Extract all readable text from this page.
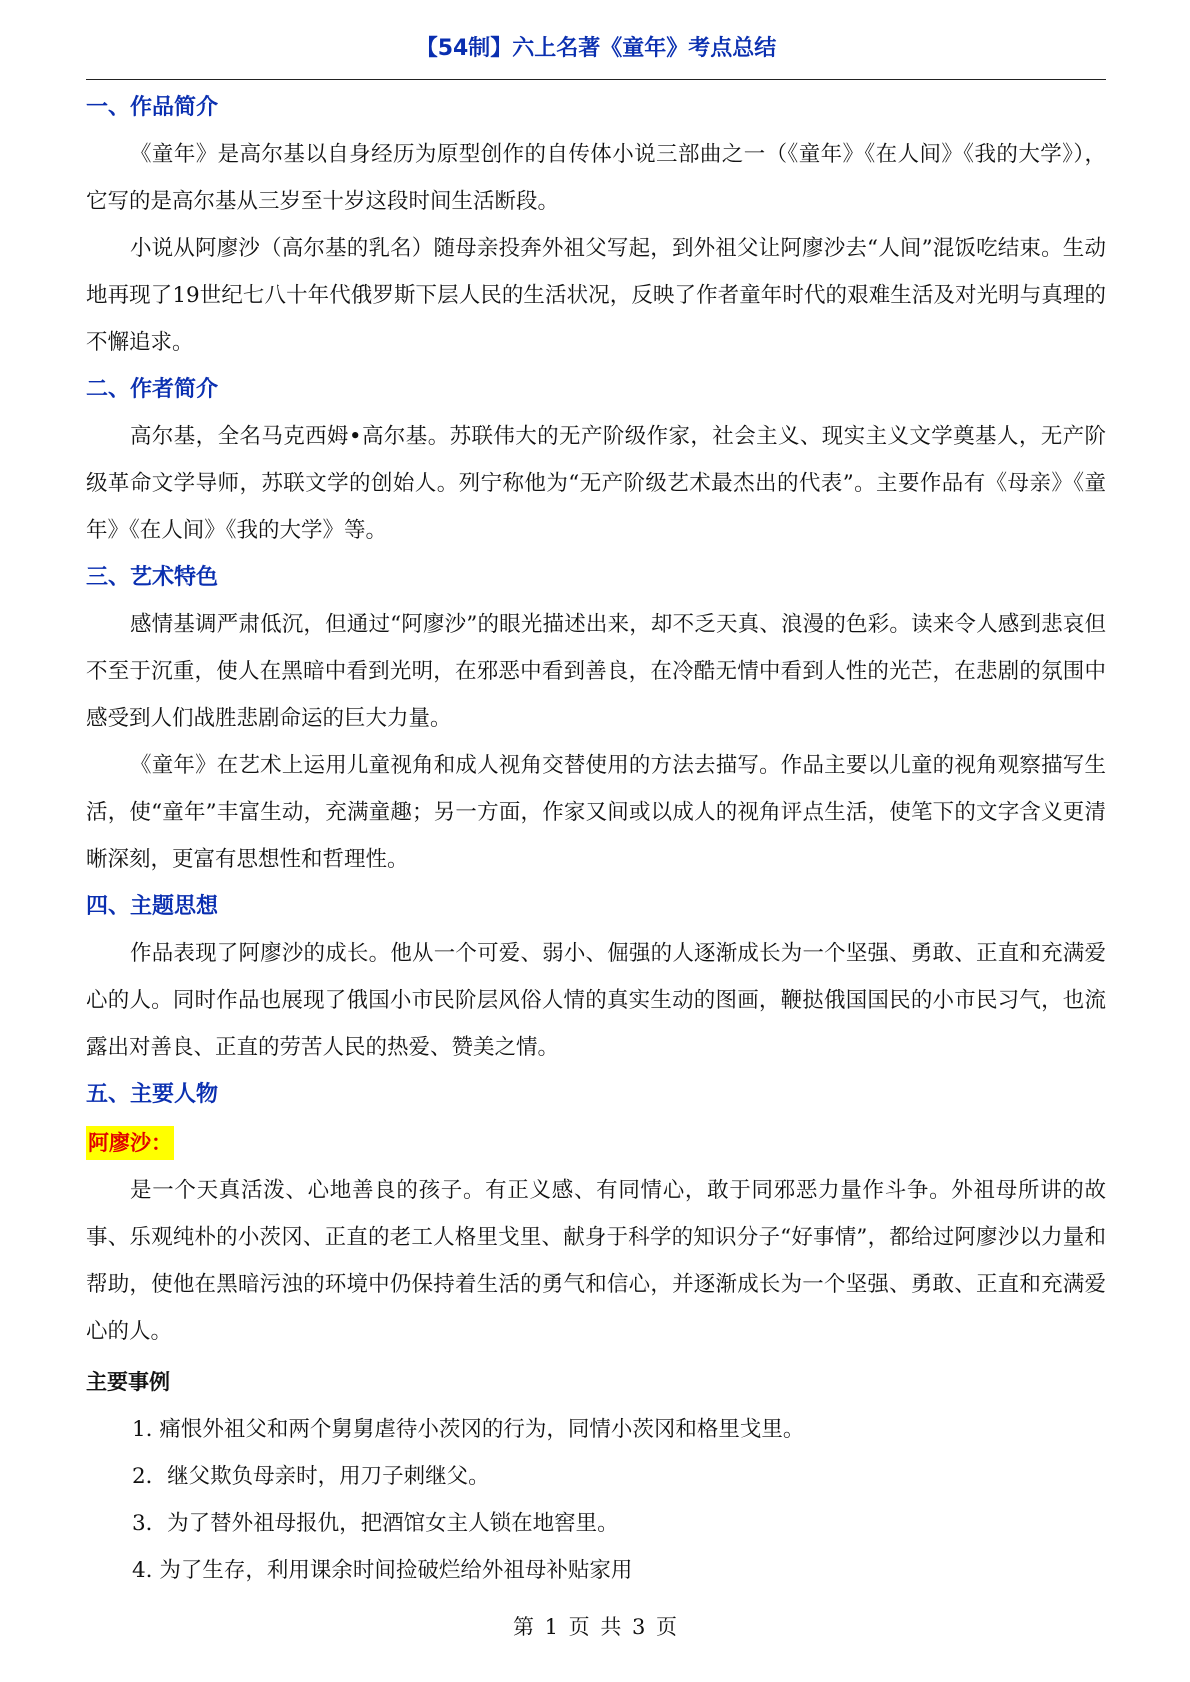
【54制】六上名著《童年》考点总结
一、作品简介

《童年》是高尔基以自身经历为原型创作的自传体小说三部曲之一（《童年》《在人间》《我的大学》），它写的是高尔基从三岁至十岁这段时间生活断段。

小说从阿廖沙（高尔基的乳名）随母亲投奔外祖父写起，到外祖父让阿廖沙去“人间”混饭吃结束。生动地再现了19世纪七八十年代俄罗斯下层人民的生活状况，反映了作者童年时代的艰难生活及对光明与真理的不懈追求。

二、作者简介

高尔基，全名马克西姆•高尔基。苏联伟大的无产阶级作家，社会主义、现实主义文学奠基人，无产阶级革命文学导师，苏联文学的创始人。列宁称他为“无产阶级艺术最杰出的代表”。主要作品有《母亲》《童年》《在人间》《我的大学》等。

三、艺术特色

感情基调严肃低沉，但通过“阿廖沙”的眼光描述出来，却不乏天真、浪漫的色彩。读来令人感到悲哀但不至于沉重，使人在黑暗中看到光明，在邪恶中看到善良，在冷酷无情中看到人性的光芒，在悲剧的氛围中感受到人们战胜悲剧命运的巨大力量。

《童年》在艺术上运用儿童视角和成人视角交替使用的方法去描写。作品主要以儿童的视角观察描写生活，使“童年”丰富生动，充满童趣；另一方面，作家又间或以成人的视角评点生活，使笔下的文字含义更清晰深刻，更富有思想性和哲理性。

四、主题思想

作品表现了阿廖沙的成长。他从一个可爱、弱小、倔强的人逐渐成长为一个坚强、勇敢、正直和充满爱心的人。同时作品也展现了俄国小市民阶层风俗人情的真实生动的图画，鞭挞俄国国民的小市民习气，也流露出对善良、正直的劳苦人民的热爱、赞美之情。

五、主要人物
阿廖沙：

是一个天真活泼、心地善良的孩子。有正义感、有同情心，敢于同邪恶力量作斗争。外祖母所讲的故事、乐观纯朴的小茨冈、正直的老工人格里戈里、献身于科学的知识分子“好事情”，都给过阿廖沙以力量和帮助，使他在黑暗污浊的环境中仍保持着生活的勇气和信心，并逐渐成长为一个坚强、勇敢、正直和充满爱心的人。

主要事例
1. 痛恨外祖父和两个舅舅虐待小茨冈的行为，同情小茨冈和格里戈里。
2．继父欺负母亲时，用刀子刺继父。
3．为了替外祖母报仇，把酒馆女主人锁在地窖里。
4. 为了生存，利用课余时间捡破烂给外祖母补贴家用
第 1 页 共 3 页
